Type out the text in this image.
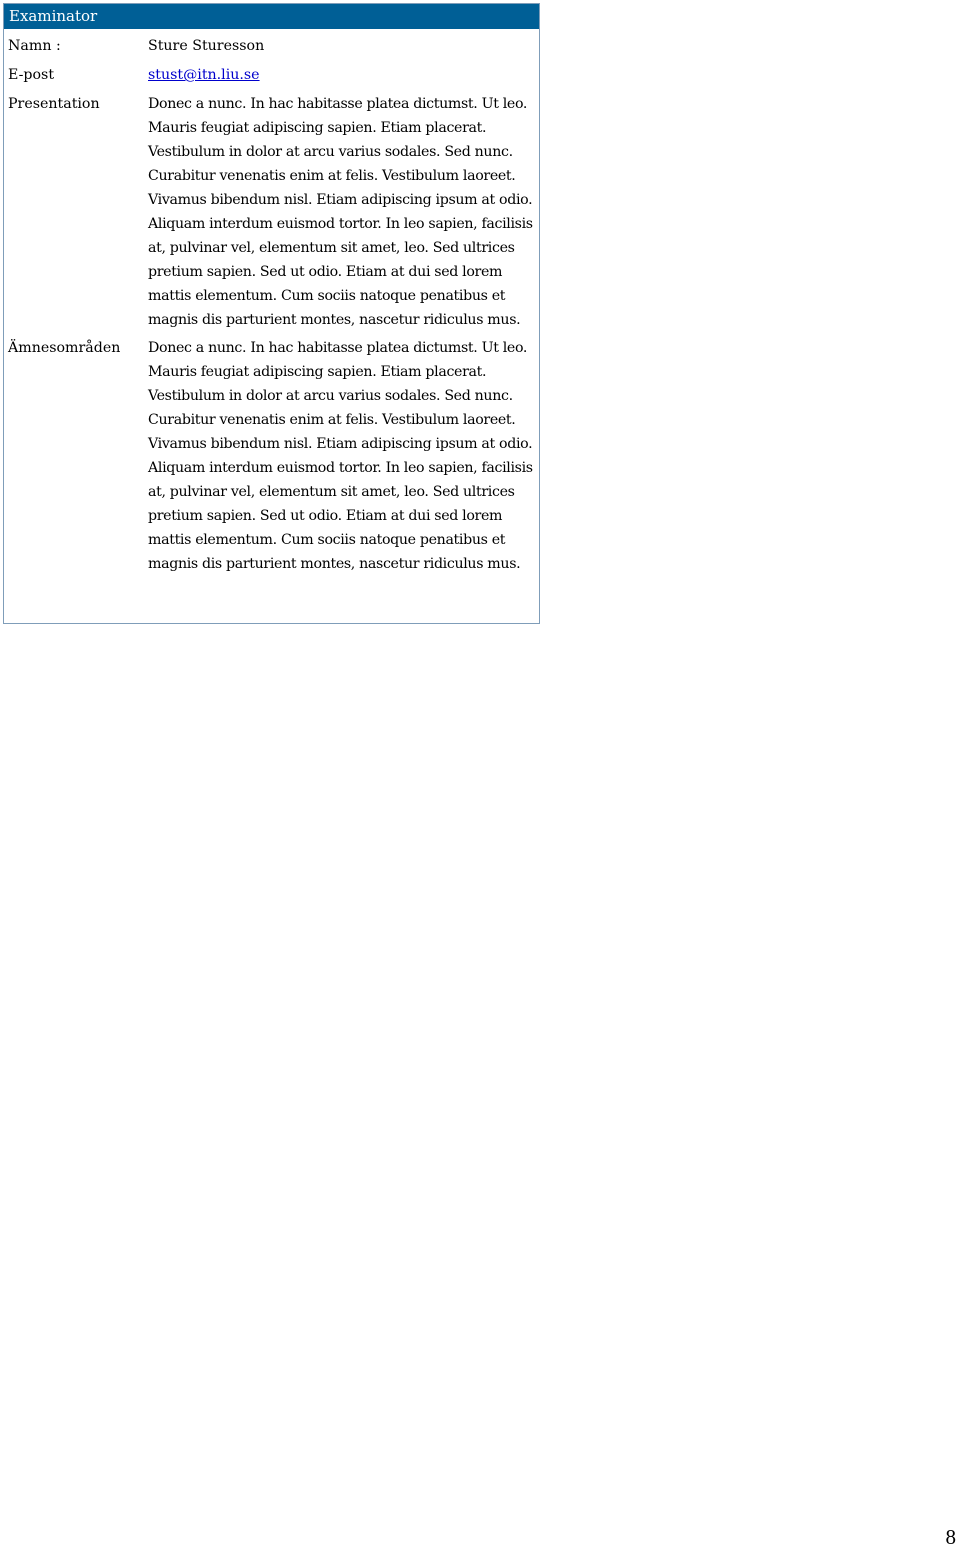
Examinator
Namn :	Sture Sturesson
E-post	stust@itn.liu.se
Presentation	Donec a nunc. In hac habitasse platea dictumst. Ut leo. Mauris feugiat adipiscing sapien. Etiam placerat. Vestibulum in dolor at arcu varius sodales. Sed nunc. Curabitur venenatis enim at felis. Vestibulum laoreet. Vivamus bibendum nisl. Etiam adipiscing ipsum at odio. Aliquam interdum euismod tortor. In leo sapien, facilisis at, pulvinar vel, elementum sit amet, leo. Sed ultrices pretium sapien. Sed ut odio. Etiam at dui sed lorem mattis elementum. Cum sociis natoque penatibus et magnis dis parturient montes, nascetur ridiculus mus.
Ämnesområden	Donec a nunc. In hac habitasse platea dictumst. Ut leo. Mauris feugiat adipiscing sapien. Etiam placerat. Vestibulum in dolor at arcu varius sodales. Sed nunc. Curabitur venenatis enim at felis. Vestibulum laoreet. Vivamus bibendum nisl. Etiam adipiscing ipsum at odio. Aliquam interdum euismod tortor. In leo sapien, facilisis at, pulvinar vel, elementum sit amet, leo. Sed ultrices pretium sapien. Sed ut odio. Etiam at dui sed lorem mattis elementum. Cum sociis natoque penatibus et magnis dis parturient montes, nascetur ridiculus mus.
8
